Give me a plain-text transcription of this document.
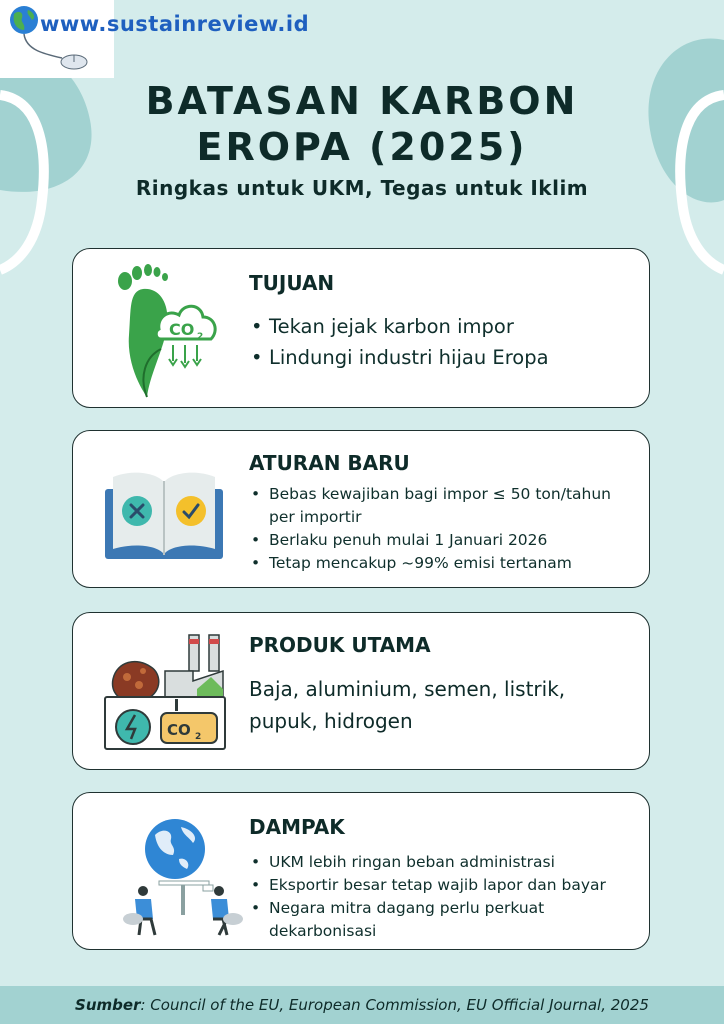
www.sustainreview.id
BATASAN KARBON
EROPA (2025)
Ringkas untuk UKM, Tegas untuk Iklim
CO 2
TUJUAN
• Tekan jejak karbon impor
• Lindungi industri hijau Eropa
ATURAN BARU
• Bebas kewajiban bagi impor ≤ 50 ton/tahun per importir
• Berlaku penuh mulai 1 Januari 2026
• Tetap mencakup ~99% emisi tertanam
CO 2
PRODUK UTAMA
Baja, aluminium, semen, listrik,
pupuk, hidrogen
DAMPAK
• UKM lebih ringan beban administrasi
• Eksportir besar tetap wajib lapor dan bayar
• Negara mitra dagang perlu perkuat dekarbonisasi
Sumber: Council of the EU, European Commission, EU Official Journal, 2025
